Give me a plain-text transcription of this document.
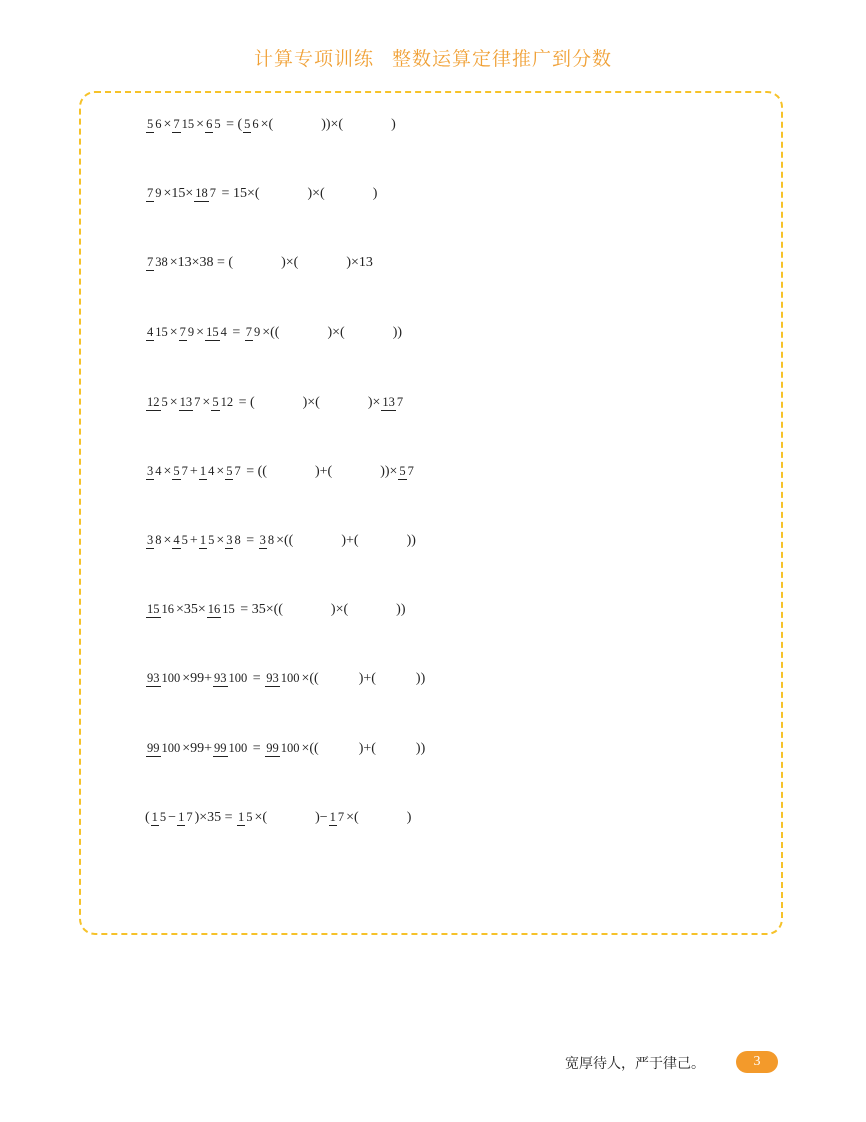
计算专项训练 整数运算定律推广到分数
5 6 × 7 15 × 6 5 = ( 5 6 ×(	))×(	)
7 9 ×15× 18 7 = 15×(	)×(	)
7 38 ×13×38 = (	)×(	)×13
4 15 × 7 9 × 15 4 = 7 9 ×((	)×(	))
12 5 × 13 7 × 5 12 = (	)×(	)× 13 7
3 4 × 5 7 + 1 4 × 5 7 = ((	)+(	))× 5 7
3 8 × 4 5 + 1 5 × 3 8 = 3 8 ×((	)+(	))
15 16 ×35× 16 15 = 35×((	)×(	))
93 100 ×99+ 93 100 = 93 100 ×((	)+(	))
99 100 ×99+ 99 100 = 99 100 ×((	)+(	))
( 1 5 − 1 7 )×35 = 1 5 ×(	)− 1 7 ×(	)
宽厚待人，严于律己。	3
